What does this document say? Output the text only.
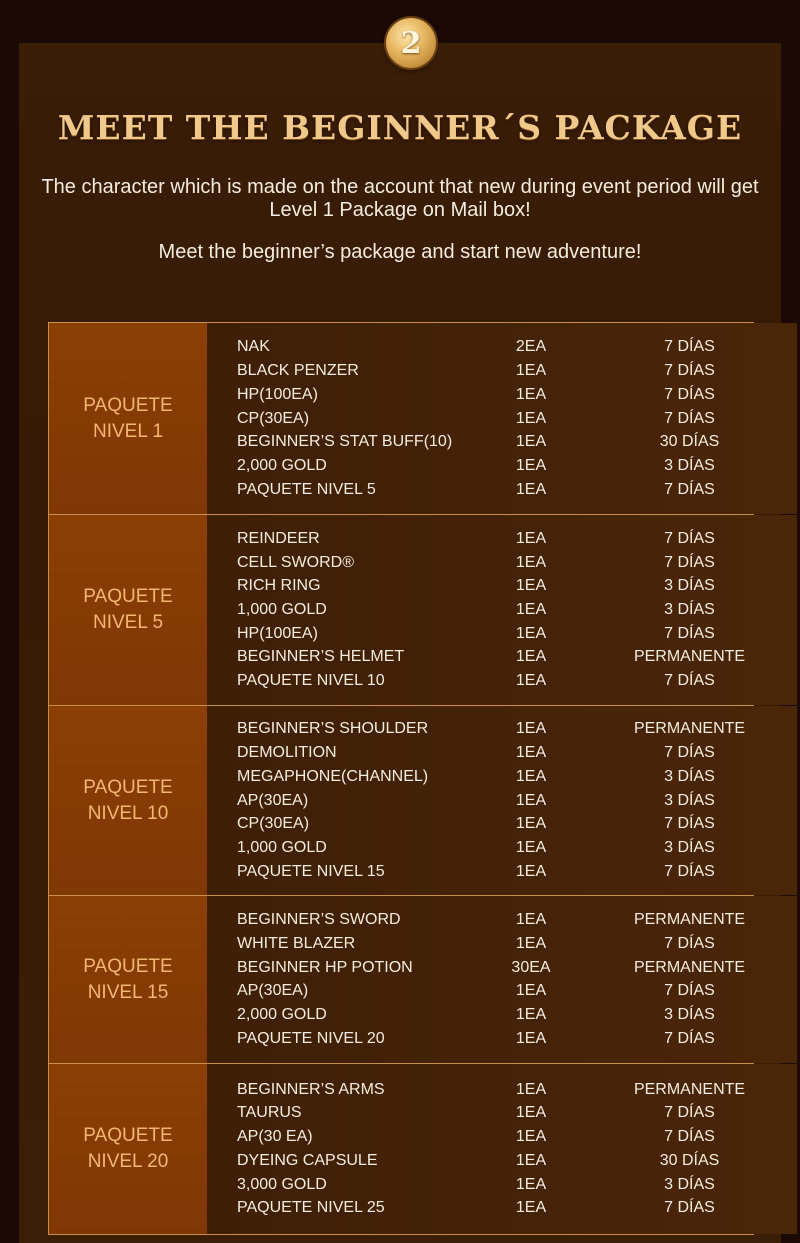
2
MEET THE BEGINNER´S PACKAGE
The character which is made on the account that new during event period will get Level 1 Package on Mail box!
Meet the beginner’s package and start new adventure!
PAQUETE
NIVEL 1
NAK	2EA	7 DÍAS
BLACK PENZER	1EA	7 DÍAS
HP(100EA)	1EA	7 DÍAS
CP(30EA)	1EA	7 DÍAS
BEGINNER’S STAT BUFF(10)	1EA	30 DÍAS
2,000 GOLD	1EA	3 DÍAS
PAQUETE NIVEL 5	1EA	7 DÍAS
PAQUETE
NIVEL 5
REINDEER	1EA	7 DÍAS
CELL SWORD®	1EA	7 DÍAS
RICH RING	1EA	3 DÍAS
1,000 GOLD	1EA	3 DÍAS
HP(100EA)	1EA	7 DÍAS
BEGINNER’S HELMET	1EA	PERMANENTE
PAQUETE NIVEL 10	1EA	7 DÍAS
PAQUETE
NIVEL 10
BEGINNER’S SHOULDER	1EA	PERMANENTE
DEMOLITION	1EA	7 DÍAS
MEGAPHONE(CHANNEL)	1EA	3 DÍAS
AP(30EA)	1EA	3 DÍAS
CP(30EA)	1EA	7 DÍAS
1,000 GOLD	1EA	3 DÍAS
PAQUETE NIVEL 15	1EA	7 DÍAS
PAQUETE
NIVEL 15
BEGINNER’S SWORD	1EA	PERMANENTE
WHITE BLAZER	1EA	7 DÍAS
BEGINNER HP POTION	30EA	PERMANENTE
AP(30EA)	1EA	7 DÍAS
2,000 GOLD	1EA	3 DÍAS
PAQUETE NIVEL 20	1EA	7 DÍAS
PAQUETE
NIVEL 20
BEGINNER’S ARMS	1EA	PERMANENTE
TAURUS	1EA	7 DÍAS
AP(30 EA)	1EA	7 DÍAS
DYEING CAPSULE	1EA	30 DÍAS
3,000 GOLD	1EA	3 DÍAS
PAQUETE NIVEL 25	1EA	7 DÍAS
